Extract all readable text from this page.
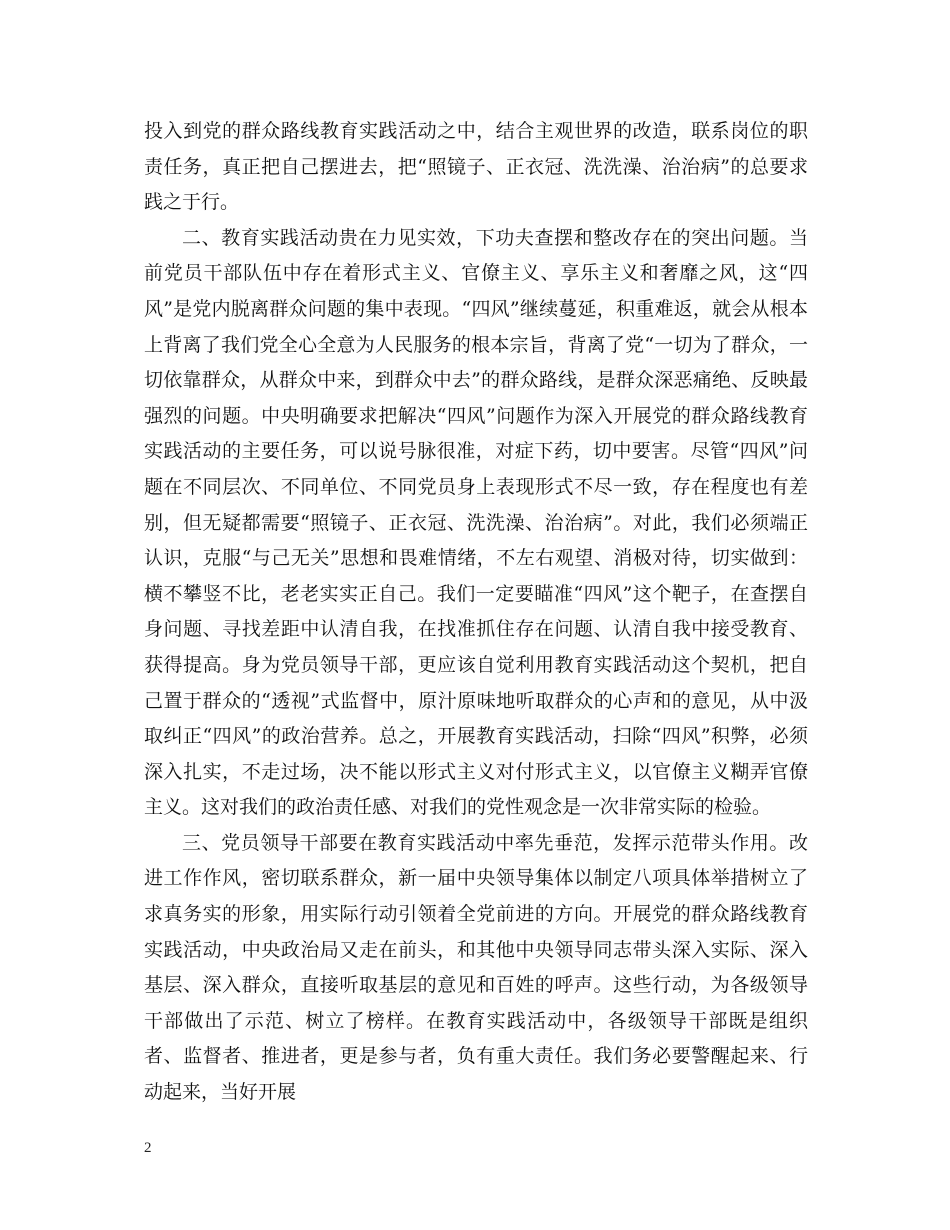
投入到党的群众路线教育实践活动之中，结合主观世界的改造，联系岗位的职责任务，真正把自己摆进去，把“照镜子、正衣冠、洗洗澡、治治病”的总要求践之于行。

二、教育实践活动贵在力见实效，下功夫查摆和整改存在的突出问题。当前党员干部队伍中存在着形式主义、官僚主义、享乐主义和奢靡之风，这“四风”是党内脱离群众问题的集中表现。“四风”继续蔓延，积重难返，就会从根本上背离了我们党全心全意为人民服务的根本宗旨，背离了党“一切为了群众，一切依靠群众，从群众中来，到群众中去”的群众路线，是群众深恶痛绝、反映最强烈的问题。中央明确要求把解决“四风”问题作为深入开展党的群众路线教育实践活动的主要任务，可以说号脉很准，对症下药，切中要害。尽管“四风”问题在不同层次、不同单位、不同党员身上表现形式不尽一致，存在程度也有差别，但无疑都需要“照镜子、正衣冠、洗洗澡、治治病”。对此，我们必须端正认识，克服“与己无关”思想和畏难情绪，不左右观望、消极对待，切实做到：横不攀竖不比，老老实实正自己。我们一定要瞄准“四风”这个靶子，在查摆自身问题、寻找差距中认清自我，在找准抓住存在问题、认清自我中接受教育、获得提高。身为党员领导干部，更应该自觉利用教育实践活动这个契机，把自己置于群众的“透视”式监督中，原汁原味地听取群众的心声和的意见，从中汲取纠正“四风”的政治营养。总之，开展教育实践活动，扫除“四风”积弊，必须深入扎实，不走过场，决不能以形式主义对付形式主义，以官僚主义糊弄官僚主义。这对我们的政治责任感、对我们的党性观念是一次非常实际的检验。

三、党员领导干部要在教育实践活动中率先垂范，发挥示范带头作用。改进工作作风，密切联系群众，新一届中央领导集体以制定八项具体举措树立了求真务实的形象，用实际行动引领着全党前进的方向。开展党的群众路线教育实践活动，中央政治局又走在前头，和其他中央领导同志带头深入实际、深入基层、深入群众，直接听取基层的意见和百姓的呼声。这些行动，为各级领导干部做出了示范、树立了榜样。在教育实践活动中，各级领导干部既是组织者、监督者、推进者，更是参与者，负有重大责任。我们务必要警醒起来、行动起来，当好开展

2
